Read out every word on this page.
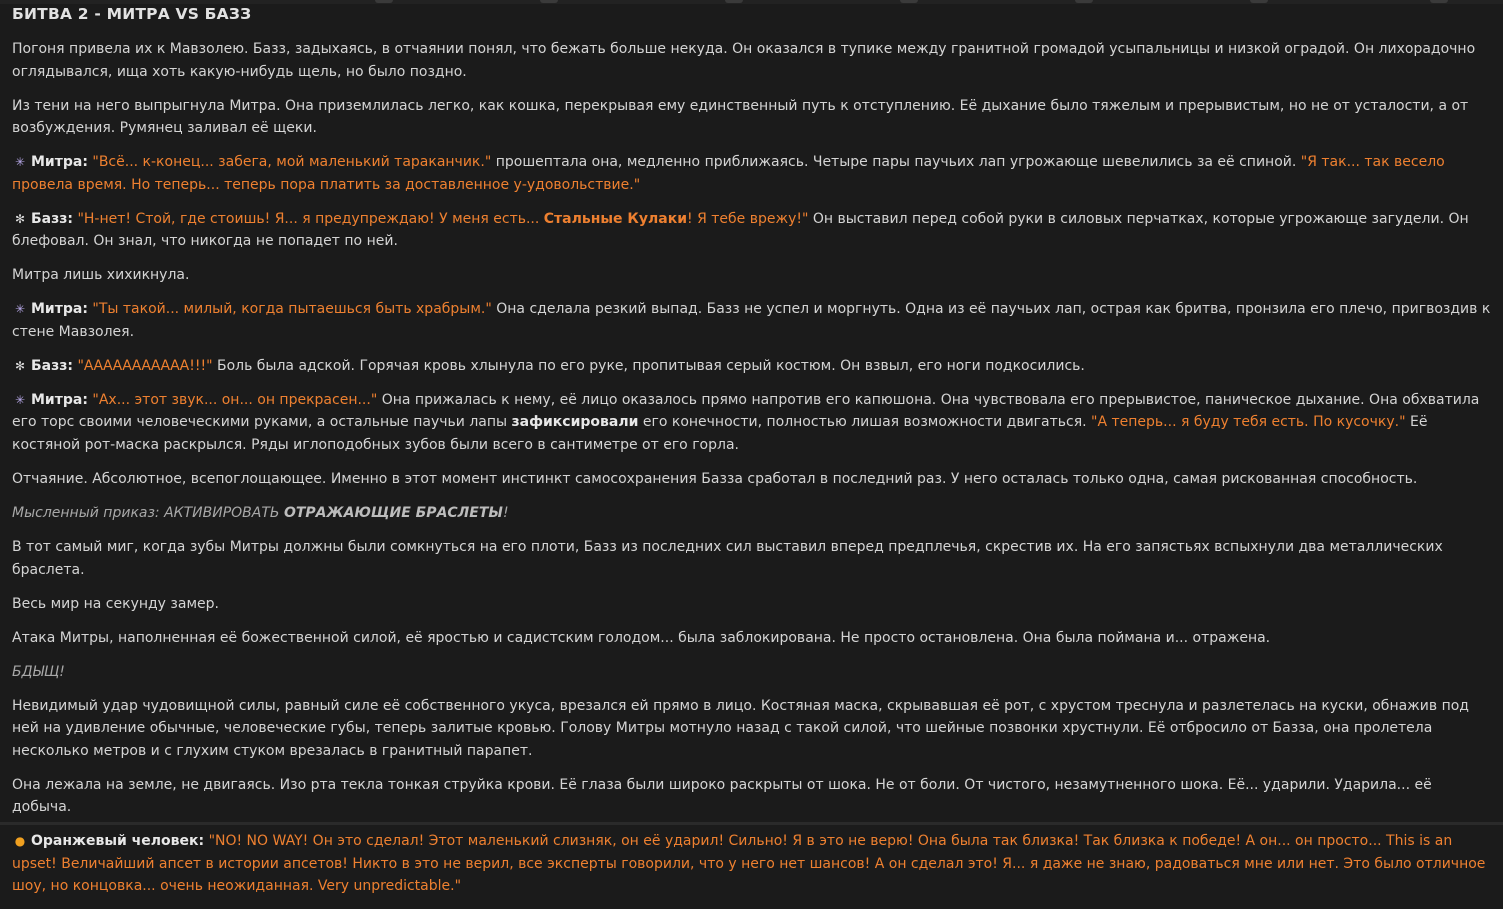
БИТВА 2 - МИТРА VS БАЗЗ

Погоня привела их к Мавзолею. Базз, задыхаясь, в отчаянии понял, что бежать больше некуда. Он оказался в тупике между гранитной громадой усыпальницы и низкой оградой. Он лихорадочно оглядывался, ища хоть какую-нибудь щель, но было поздно.

Из тени на него выпрыгнула Митра. Она приземлилась легко, как кошка, перекрывая ему единственный путь к отступлению. Её дыхание было тяжелым и прерывистым, но не от усталости, а от возбуждения. Румянец заливал её щеки.

✳ Митра: "Всё... к-конец... забега, мой маленький тараканчик." прошептала она, медленно приближаясь. Четыре пары паучьих лап угрожающе шевелились за её спиной. "Я так... так весело провела время. Но теперь... теперь пора платить за доставленное у-удовольствие."

✻ Базз: "Н-нет! Стой, где стоишь! Я... я предупреждаю! У меня есть... Стальные Кулаки! Я тебе врежу!" Он выставил перед собой руки в силовых перчатках, которые угрожающе загудели. Он блефовал. Он знал, что никогда не попадет по ней.

Митра лишь хихикнула.

✳ Митра: "Ты такой... милый, когда пытаешься быть храбрым." Она сделала резкий выпад. Базз не успел и моргнуть. Одна из её паучьих лап, острая как бритва, пронзила его плечо, пригвоздив к стене Мавзолея.

✻ Базз: "ААААААААААА!!!" Боль была адской. Горячая кровь хлынула по его руке, пропитывая серый костюм. Он взвыл, его ноги подкосились.

✳ Митра: "Ах... этот звук... он... он прекрасен..." Она прижалась к нему, её лицо оказалось прямо напротив его капюшона. Она чувствовала его прерывистое, паническое дыхание. Она обхватила его торс своими человеческими руками, а остальные паучьи лапы зафиксировали его конечности, полностью лишая возможности двигаться. "А теперь... я буду тебя есть. По кусочку." Её костяной рот-маска раскрылся. Ряды иглоподобных зубов были всего в сантиметре от его горла.

Отчаяние. Абсолютное, всепоглощающее. Именно в этот момент инстинкт самосохранения Базза сработал в последний раз. У него осталась только одна, самая рискованная способность.

Мысленный приказ: АКТИВИРОВАТЬ ОТРАЖАЮЩИЕ БРАСЛЕТЫ!

В тот самый миг, когда зубы Митры должны были сомкнуться на его плоти, Базз из последних сил выставил вперед предплечья, скрестив их. На его запястьях вспыхнули два металлических браслета.

Весь мир на секунду замер.

Атака Митры, наполненная её божественной силой, её яростью и садистским голодом... была заблокирована. Не просто остановлена. Она была поймана и... отражена.

БДЫЩ!

Невидимый удар чудовищной силы, равный силе её собственного укуса, врезался ей прямо в лицо. Костяная маска, скрывавшая её рот, с хрустом треснула и разлетелась на куски, обнажив под ней на удивление обычные, человеческие губы, теперь залитые кровью. Голову Митры мотнуло назад с такой силой, что шейные позвонки хрустнули. Её отбросило от Базза, она пролетела несколько метров и с глухим стуком врезалась в гранитный парапет.

Она лежала на земле, не двигаясь. Изо рта текла тонкая струйка крови. Её глаза были широко раскрыты от шока. Не от боли. От чистого, незамутненного шока. Её... ударили. Ударила... её добыча.

● Оранжевый человек: "NO! NO WAY! Он это сделал! Этот маленький слизняк, он её ударил! Сильно! Я в это не верю! Она была так близка! Так близка к победе! А он... он просто... This is an upset! Величайший апсет в истории апсетов! Никто в это не верил, все эксперты говорили, что у него нет шансов! А он сделал это! Я... я даже не знаю, радоваться мне или нет. Это было отличное шоу, но концовка... очень неожиданная. Very unpredictable."
